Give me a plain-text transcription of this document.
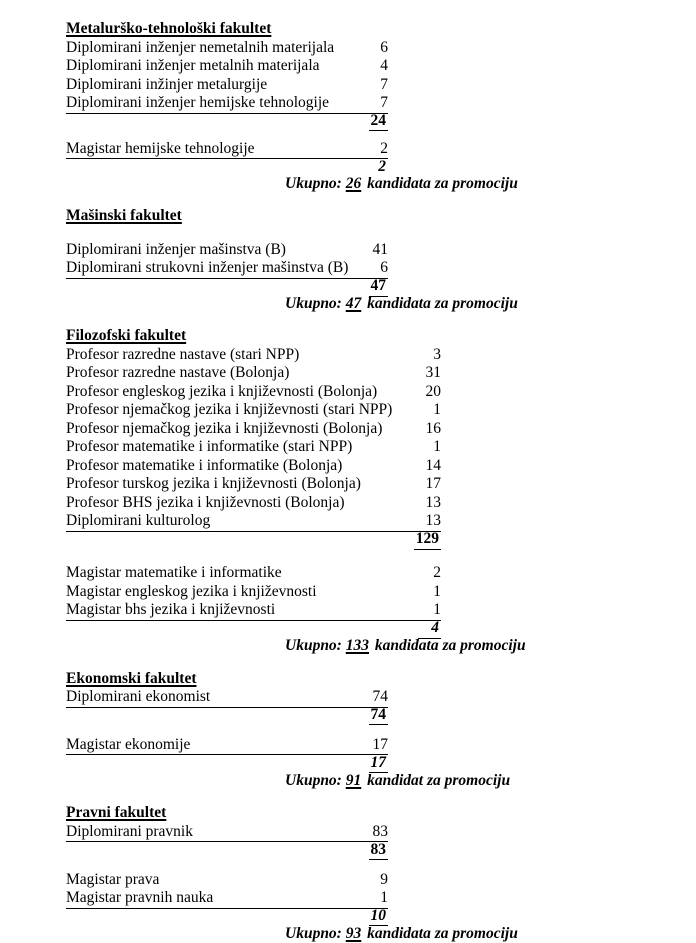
Metalurško-tehnološki fakultet
Diplomirani inženjer nemetalnih materijala	6
Diplomirani inženjer metalnih materijala	4
Diplomirani inžinjer metalurgije	7
Diplomirani inženjer hemijske tehnologije	7
24
Magistar hemijske tehnologije	2
2
Ukupno: 26 kandidata za promociju
Mašinski fakultet
Diplomirani inženjer mašinstva (B)	41
Diplomirani strukovni inženjer mašinstva (B) 6
47
Ukupno: 47 kandidata za promociju
Filozofski fakultet
Profesor razredne nastave (stari NPP)	3
Profesor razredne nastave (Bolonja)	31
Profesor engleskog jezika i književnosti (Bolonja)	20
Profesor njemačkog jezika i književnosti (stari NPP)	1
Profesor njemačkog jezika i književnosti (Bolonja)	16
Profesor matematike i informatike (stari NPP)	1
Profesor matematike i informatike (Bolonja)	14
Profesor turskog jezika i književnosti (Bolonja)	17
Profesor BHS jezika i književnosti (Bolonja)	13
Diplomirani kulturolog	13
129
Magistar matematike i informatike	2
Magistar engleskog jezika i književnosti	1
Magistar bhs jezika i književnosti	1
4
Ukupno: 133 kandidata za promociju
Ekonomski fakultet
Diplomirani ekonomist	74
74
Magistar ekonomije	17
17
Ukupno: 91 kandidat za promociju
Pravni fakultet
Diplomirani pravnik	83
83
Magistar prava	9
Magistar pravnih nauka	1
10
Ukupno: 93 kandidata za promociju
